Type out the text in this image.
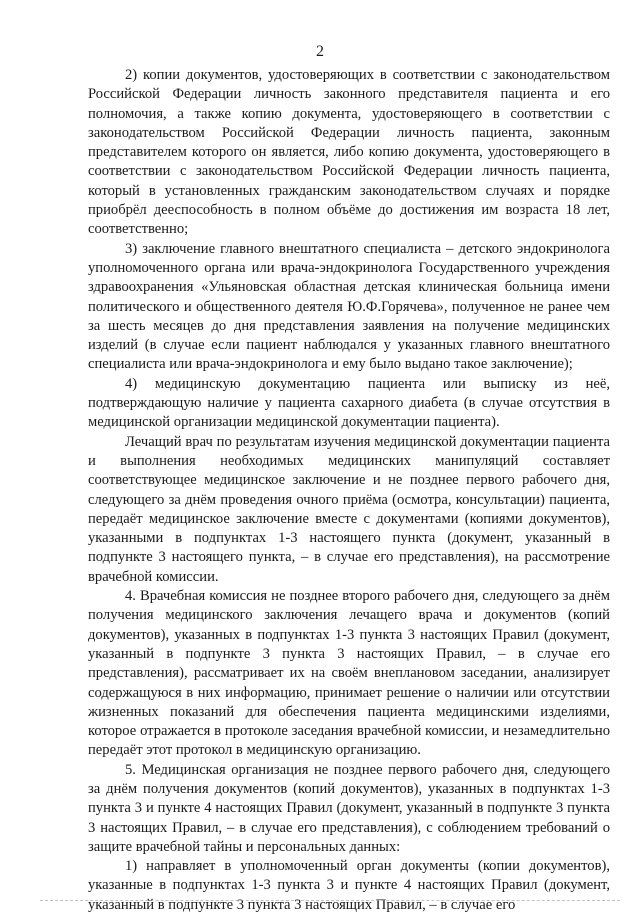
2

2) копии документов, удостоверяющих в соответствии с законодательством Российской Федерации личность законного представителя пациента и его полномочия, а также копию документа, удостоверяющего в соответствии с законодательством Российской Федерации личность пациента, законным представителем которого он является, либо копию документа, удостоверяющего в соответствии с законодательством Российской Федерации личность пациента, который в установленных гражданским законодательством случаях и порядке приобрёл дееспособность в полном объёме до достижения им возраста 18 лет, соответственно;

3) заключение главного внештатного специалиста – детского эндокринолога уполномоченного органа или врача-эндокринолога Государственного учреждения здравоохранения «Ульяновская областная детская клиническая больница имени политического и общественного деятеля Ю.Ф.Горячева», полученное не ранее чем за шесть месяцев до дня представления заявления на получение медицинских изделий (в случае если пациент наблюдался у указанных главного внештатного специалиста или врача-эндокринолога и ему было выдано такое заключение);

4) медицинскую документацию пациента или выписку из неё, подтверждающую наличие у пациента сахарного диабета (в случае отсутствия в медицинской организации медицинской документации пациента).

Лечащий врач по результатам изучения медицинской документации пациента и выполнения необходимых медицинских манипуляций составляет соответствующее медицинское заключение и не позднее первого рабочего дня, следующего за днём проведения очного приёма (осмотра, консультации) пациента, передаёт медицинское заключение вместе с документами (копиями документов), указанными в подпунктах 1-3 настоящего пункта (документ, указанный в подпункте 3 настоящего пункта, – в случае его представления), на рассмотрение врачебной комиссии.

4. Врачебная комиссия не позднее второго рабочего дня, следующего за днём получения медицинского заключения лечащего врача и документов (копий документов), указанных в подпунктах 1-3 пункта 3 настоящих Правил (документ, указанный в подпункте 3 пункта 3 настоящих Правил, – в случае его представления), рассматривает их на своём внеплановом заседании, анализирует содержащуюся в них информацию, принимает решение о наличии или отсутствии жизненных показаний для обеспечения пациента медицинскими изделиями, которое отражается в протоколе заседания врачебной комиссии, и незамедлительно передаёт этот протокол в медицинскую организацию.

5. Медицинская организация не позднее первого рабочего дня, следующего за днём получения документов (копий документов), указанных в подпунктах 1-3 пункта 3 и пункте 4 настоящих Правил (документ, указанный в подпункте 3 пункта 3 настоящих Правил, – в случае его представления), с соблюдением требований о защите врачебной тайны и персональных данных:

1) направляет в уполномоченный орган документы (копии документов), указанные в подпунктах 1-3 пункта 3 и пункте 4 настоящих Правил (документ, указанный в подпункте 3 пункта 3 настоящих Правил, – в случае его
